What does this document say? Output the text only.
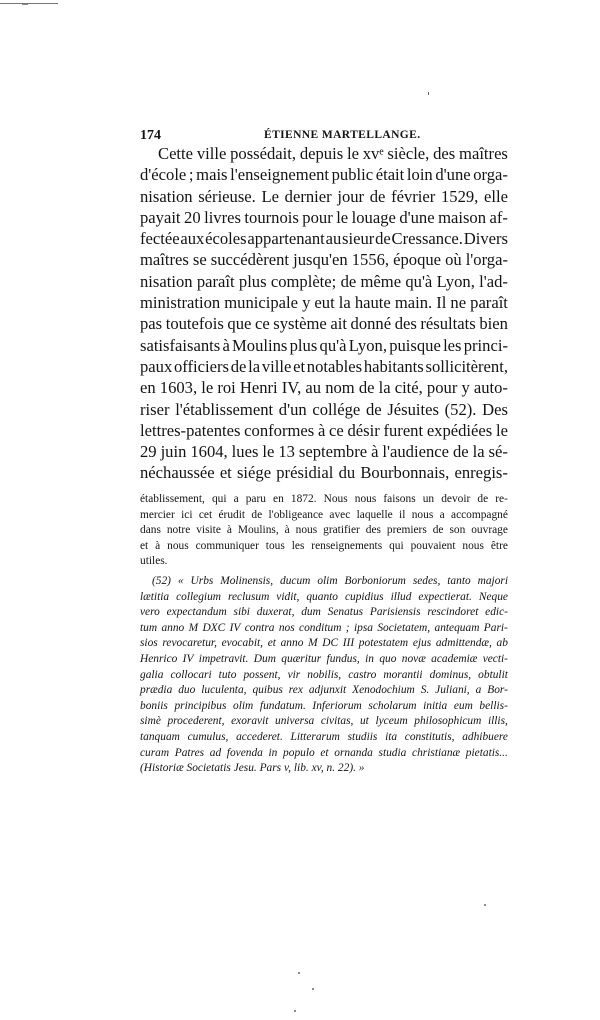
174	ÉTIENNE MARTELLANGE.
Cette ville possédait, depuis le xvᵉ siècle, des maîtres
d'école ; mais l'enseignement public était loin d'une orga-
nisation sérieuse. Le dernier jour de février 1529, elle
payait 20 livres tournois pour le louage d'une maison af-
fectée aux écoles appartenant au sieur de Cressance. Divers
maîtres se succédèrent jusqu'en 1556, époque où l'orga-
nisation paraît plus complète; de même qu'à Lyon, l'ad-
ministration municipale y eut la haute main. Il ne paraît
pas toutefois que ce système ait donné des résultats bien
satisfaisants à Moulins plus qu'à Lyon, puisque les princi-
paux officiers de la ville et notables habitants sollicitèrent,
en 1603, le roi Henri IV, au nom de la cité, pour y auto-
riser l'établissement d'un collége de Jésuites (52). Des
lettres-patentes conformes à ce désir furent expédiées le
29 juin 1604, lues le 13 septembre à l'audience de la sé-
néchaussée et siége présidial du Bourbonnais, enregis-
établissement, qui a paru en 1872. Nous nous faisons un devoir de re-
mercier ici cet érudit de l'obligeance avec laquelle il nous a accompagné
dans notre visite à Moulins, à nous gratifier des premiers de son ouvrage
et à nous communiquer tous les renseignements qui pouvaient nous être
utiles.
(52) « Urbs Molinensis, ducum olim Borboniorum sedes, tanto majori
lætitia collegium reclusum vidit, quanto cupidius illud expectierat. Neque
vero expectandum sibi duxerat, dum Senatus Parisiensis rescindoret edic-
tum anno M DXC IV contra nos conditum ; ipsa Societatem, antequam Pari-
sios revocaretur, evocabit, et anno M DC III potestatem ejus admittendæ, ab
Henrico IV impetravit. Dum quæritur fundus, in quo novæ academiæ vecti-
galia collocari tuto possent, vir nobilis, castro morantii dominus, obtulit
prædia duo luculenta, quibus rex adjunxit Xenodochium S. Juliani, a Bor-
boniis principibus olim fundatum. Inferiorum scholarum initia eum bellis-
simè procederent, exoravit universa civitas, ut lyceum philosophicum illis,
tanquam cumulus, accederet. Litterarum studiis ita constitutis, adhibuere
curam Patres ad fovenda in populo et ornanda studia christianæ pietatis...
(Historiæ Societatis Jesu. Pars v, lib. xv, n. 22). »
